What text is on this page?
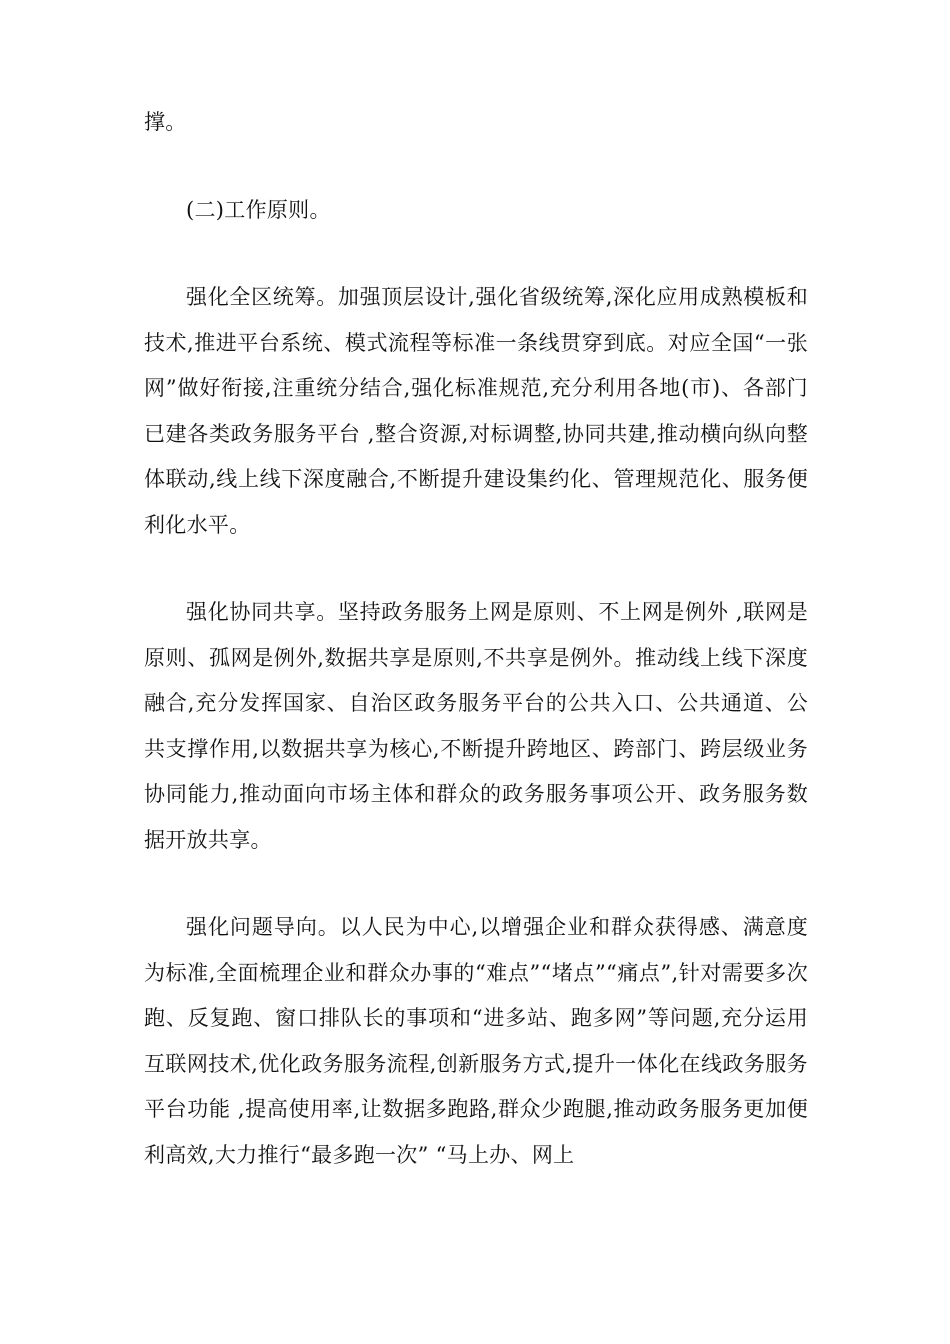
撑。

(二)工作原则。

强化全区统筹。加强顶层设计,强化省级统筹,深化应用成熟模板和技术,推进平台系统、模式流程等标准一条线贯穿到底。对应全国“一张网”做好衔接,注重统分结合,强化标准规范,充分利用各地(市)、各部门已建各类政务服务平台 ,整合资源,对标调整,协同共建,推动横向纵向整体联动,线上线下深度融合,不断提升建设集约化、管理规范化、服务便利化水平。

强化协同共享。坚持政务服务上网是原则、不上网是例外 ,联网是原则、孤网是例外,数据共享是原则,不共享是例外。推动线上线下深度融合,充分发挥国家、自治区政务服务平台的公共入口、公共通道、公共支撑作用,以数据共享为核心,不断提升跨地区、跨部门、跨层级业务协同能力,推动面向市场主体和群众的政务服务事项公开、政务服务数据开放共享。

强化问题导向。以人民为中心,以增强企业和群众获得感、满意度为标准,全面梳理企业和群众办事的“难点”“堵点”“痛点”,针对需要多次跑、反复跑、窗口排队长的事项和“进多站、跑多网”等问题,充分运用互联网技术,优化政务服务流程,创新服务方式,提升一体化在线政务服务平台功能 ,提高使用率,让数据多跑路,群众少跑腿,推动政务服务更加便利高效,大力推行“最多跑一次” “马上办、网上
